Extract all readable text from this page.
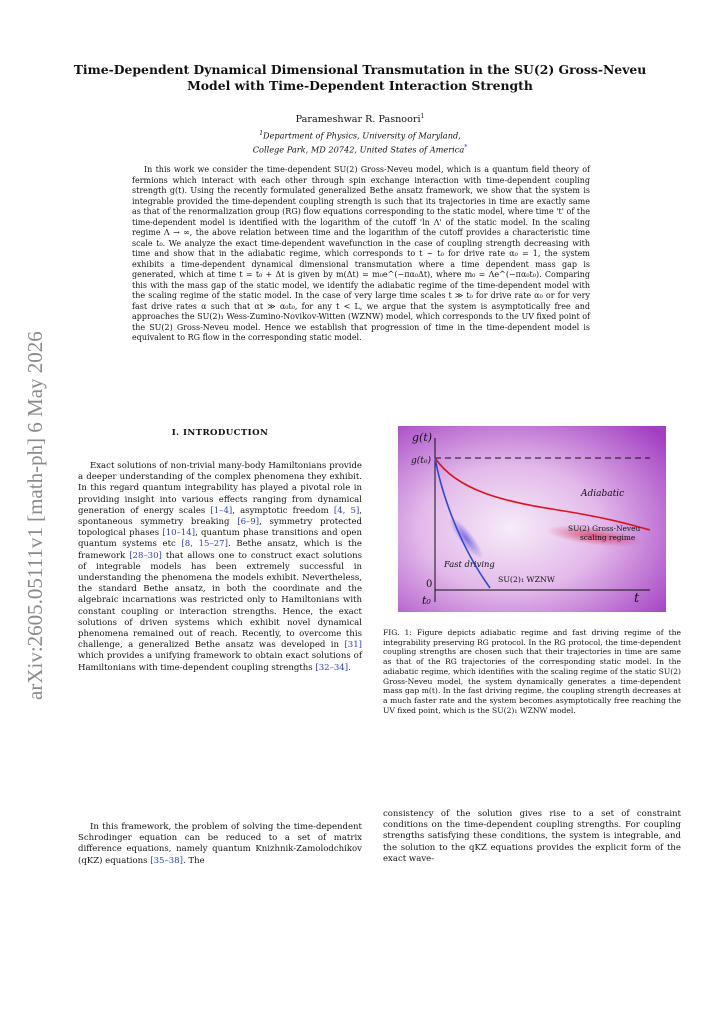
arXiv:2605.05111v1 [math-ph] 6 May 2026
Time-Dependent Dynamical Dimensional Transmutation in the SU(2) Gross-Neveu
Model with Time-Dependent Interaction Strength
Parameshwar R. Pasnoori$^1$
$^1$Department of Physics, University of Maryland,
College Park, MD 20742, United States of America*
In this work we consider the time-dependent SU(2) Gross-Neveu model, which is a quantum field theory of fermions which interact with each other through spin exchange interaction with time-dependent coupling strength g(t). Using the recently formulated generalized Bethe ansatz framework, we show that the system is integrable provided the time-dependent coupling strength is such that its trajectories in time are exactly same as that of the renormalization group (RG) flow equations corresponding to the static model, where time 't' of the time-dependent model is identified with the logarithm of the cutoff 'ln Λ' of the static model. In the scaling regime Λ → ∞, the above relation between time and the logarithm of the cutoff provides a characteristic time scale t₀. We analyze the exact time-dependent wavefunction in the case of coupling strength decreasing with time and show that in the adiabatic regime, which corresponds to t ∼ t₀ for drive rate α₀ = 1, the system exhibits a time-dependent dynamical dimensional transmutation where a time dependent mass gap is generated, which at time t = t₀ + Δt is given by m(Δt) = m₀e^(−πα₀Δt), where m₀ = Λe^(−πα₀t₀). Comparing this with the mass gap of the static model, we identify the adiabatic regime of the time-dependent model with the scaling regime of the static model. In the case of very large time scales t ≫ t₀ for drive rate α₀ or for very fast drive rates α such that αt ≫ α₀t₀, for any t < L, we argue that the system is asymptotically free and approaches the SU(2)₁ Wess-Zumino-Novikov-Witten (WZNW) model, which corresponds to the UV fixed point of the SU(2) Gross-Neveu model. Hence we establish that progression of time in the time-dependent model is equivalent to RG flow in the corresponding static model.
I. INTRODUCTION

Exact solutions of non-trivial many-body Hamiltonians provide a deeper understanding of the complex phenomena they exhibit. In this regard quantum integrability has played a pivotal role in providing insight into various effects ranging from dynamical generation of energy scales [1–4], asymptotic freedom [4, 5], spontaneous symmetry breaking [6–9], symmetry protected topological phases [10–14], quantum phase transitions and open quantum systems etc [8, 15–27]. Bethe ansatz, which is the framework [28–30] that allows one to construct exact solutions of integrable models has been extremely successful in understanding the phenomena the models exhibit. Nevertheless, the standard Bethe ansatz, in both the coordinate and the algebraic incarnations was restricted only to Hamiltonians with constant coupling or interaction strengths. Hence, the exact solutions of driven systems which exhibit novel dynamical phenomena remained out of reach. Recently, to overcome this challenge, a generalized Bethe ansatz was developed in [31] which provides a unifying framework to obtain exact solutions of Hamiltonians with time-dependent coupling strengths [32–34].

In this framework, the problem of solving the time-dependent Schrodinger equation can be reduced to a set of matrix difference equations, namely quantum Knizhnik-Zamolodchikov (qKZ) equations [35–38]. The

g(t)
g(t₀)
0
t
t₀
Adiabatic
SU(2) Gross-Neveu
scaling regime
Fast driving
SU(2)₁ WZNW
FIG. 1: Figure depicts adiabatic regime and fast driving regime of the integrability preserving RG protocol. In the RG protocol, the time-dependent coupling strengths are chosen such that their trajectories in time are same as that of the RG trajectories of the corresponding static model. In the adiabatic regime, which identifies with the scaling regime of the static SU(2) Gross-Neveu model, the system dynamically generates a time-dependent mass gap m(t). In the fast driving regime, the coupling strength decreases at a much faster rate and the system becomes asymptotically free reaching the UV fixed point, which is the SU(2)₁ WZNW model.

consistency of the solution gives rise to a set of constraint conditions on the time-dependent coupling strengths. For coupling strengths satisfying these conditions, the system is integrable, and the solution to the qKZ equations provides the explicit form of the exact wave-
